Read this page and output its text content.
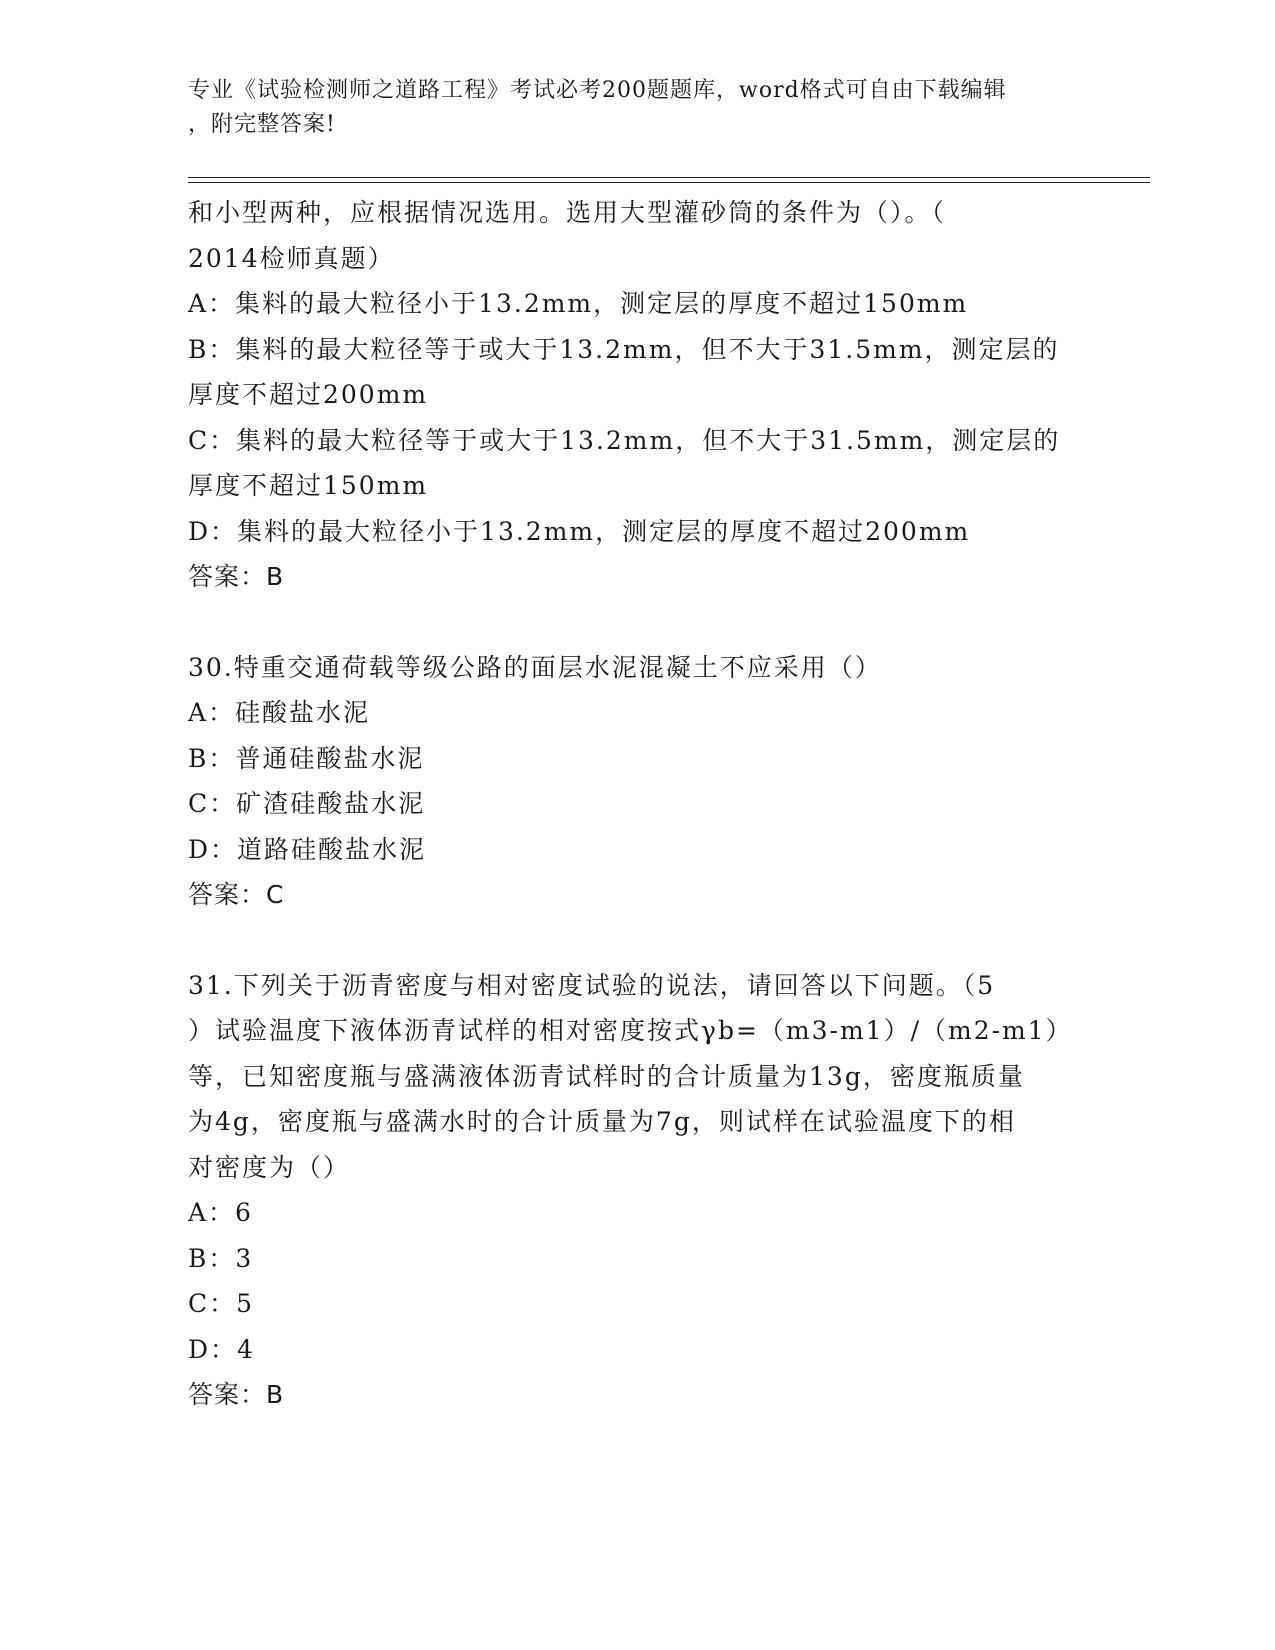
专业《试验检测师之道路工程》考试必考200题题库，word格式可自由下载编辑
，附完整答案!
和小型两种，应根据情况选用。选用大型灌砂筒的条件为（）。（
2014检师真题）
A：集料的最大粒径小于13.2mm，测定层的厚度不超过150mm
B：集料的最大粒径等于或大于13.2mm，但不大于31.5mm，测定层的
厚度不超过200mm
C：集料的最大粒径等于或大于13.2mm，但不大于31.5mm，测定层的
厚度不超过150mm
D：集料的最大粒径小于13.2mm，测定层的厚度不超过200mm
答案：B
30.特重交通荷载等级公路的面层水泥混凝土不应采用（）
A：硅酸盐水泥
B：普通硅酸盐水泥
C：矿渣硅酸盐水泥
D：道路硅酸盐水泥
答案：C
31.下列关于沥青密度与相对密度试验的说法，请回答以下问题。（5
）试验温度下液体沥青试样的相对密度按式γb=（m3-m1）/（m2-m1）
等，已知密度瓶与盛满液体沥青试样时的合计质量为13g，密度瓶质量
为4g，密度瓶与盛满水时的合计质量为7g，则试样在试验温度下的相
对密度为（）
A：6
B：3
C：5
D：4
答案：B
